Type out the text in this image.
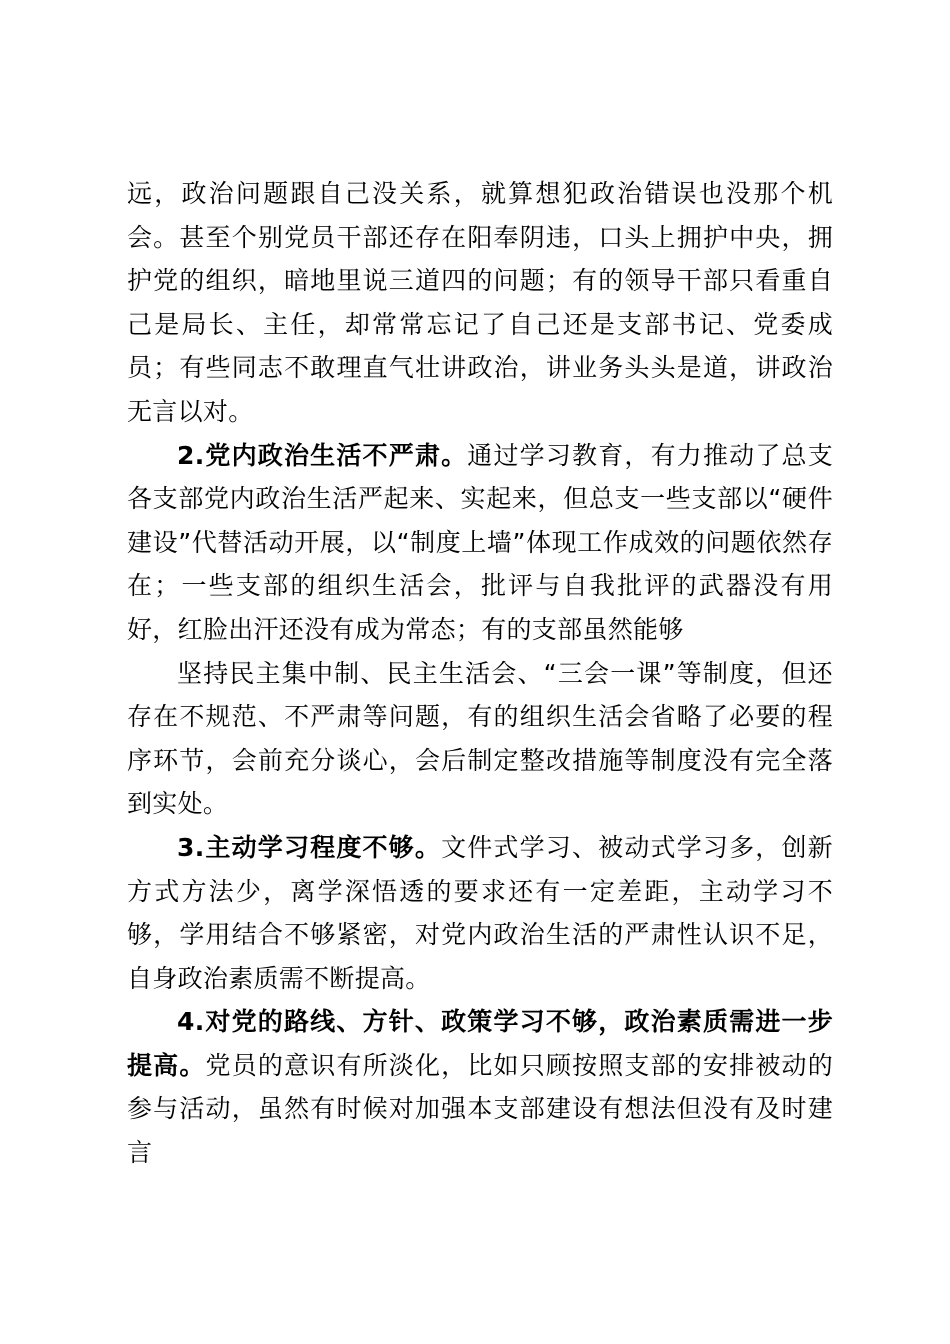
远，政治问题跟自己没关系，就算想犯政治错误也没那个机会。甚至个别党员干部还存在阳奉阴违，口头上拥护中央，拥护党的组织，暗地里说三道四的问题；有的领导干部只看重自己是局长、主任，却常常忘记了自己还是支部书记、党委成员；有些同志不敢理直气壮讲政治，讲业务头头是道，讲政治无言以对。

2.党内政治生活不严肃。通过学习教育，有力推动了总支各支部党内政治生活严起来、实起来，但总支一些支部以“硬件建设”代替活动开展，以“制度上墙”体现工作成效的问题依然存在；一些支部的组织生活会，批评与自我批评的武器没有用好，红脸出汗还没有成为常态；有的支部虽然能够

坚持民主集中制、民主生活会、“三会一课”等制度，但还存在不规范、不严肃等问题，有的组织生活会省略了必要的程序环节，会前充分谈心，会后制定整改措施等制度没有完全落到实处。

3.主动学习程度不够。文件式学习、被动式学习多，创新方式方法少，离学深悟透的要求还有一定差距，主动学习不够，学用结合不够紧密，对党内政治生活的严肃性认识不足，自身政治素质需不断提高。

4.对党的路线、方针、政策学习不够，政治素质需进一步提高。党员的意识有所淡化，比如只顾按照支部的安排被动的参与活动，虽然有时候对加强本支部建设有想法但没有及时建言
